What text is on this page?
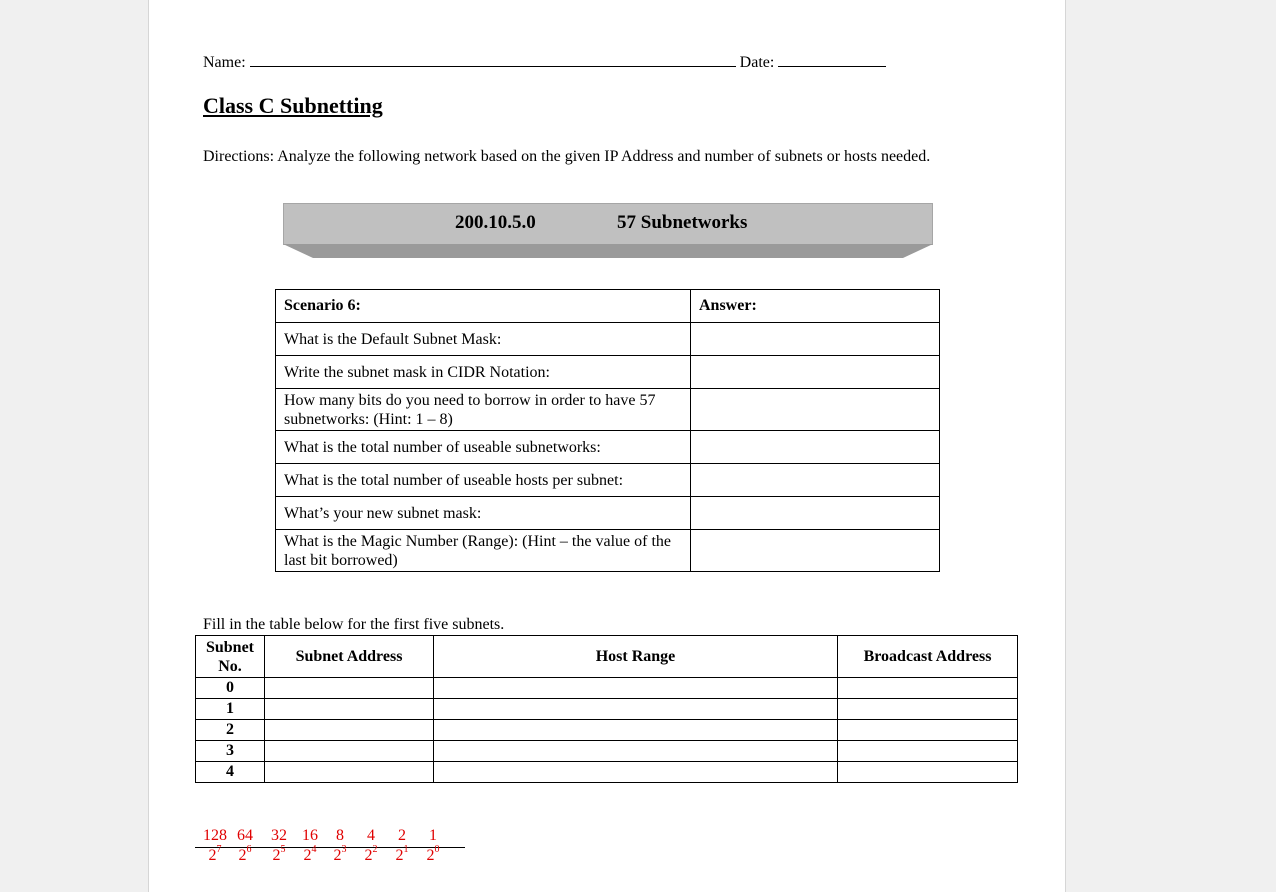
Name:	Date:
Class C Subnetting
Directions: Analyze the following network based on the given IP Address and number of subnets or hosts needed.
200.10.5.0	57 Subnetworks
Scenario 6:	Answer:
What is the Default Subnet Mask:	
Write the subnet mask in CIDR Notation:	
How many bits do you need to borrow in order to have 57 subnetworks: (Hint: 1 – 8)	
What is the total number of useable subnetworks:	
What is the total number of useable hosts per subnet:	
What’s your new subnet mask:	
What is the Magic Number (Range): (Hint – the value of the last bit borrowed)	
Fill in the table below for the first five subnets.
Subnet No.	Subnet Address	Host Range	Broadcast Address
0			
1			
2			
3			
4			
128 64 32 16 8 4 2 1
$2^7$ $2^6$ $2^5$ $2^4$ $2^3$ $2^2$ $2^1$ $2^0$
